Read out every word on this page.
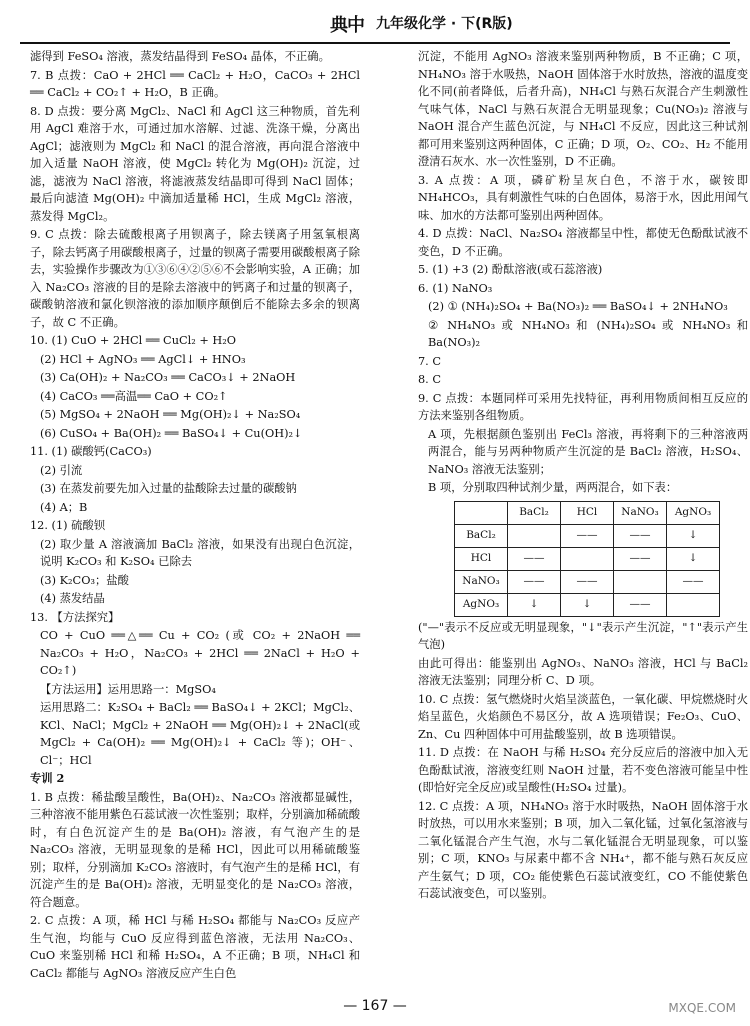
典中 九年级化学 · 下(R版)

滤得到 FeSO₄ 溶液，蒸发结晶得到 FeSO₄ 晶体，不正确。

7. B 点拨：CaO + 2HCl ══ CaCl₂ + H₂O，CaCO₃ + 2HCl ══ CaCl₂ + CO₂↑ + H₂O，B 正确。

8. D 点拨：要分离 MgCl₂、NaCl 和 AgCl 这三种物质，首先利用 AgCl 难溶于水，可通过加水溶解、过滤、洗涤干燥，分离出 AgCl；滤液则为 MgCl₂ 和 NaCl 的混合溶液，再向混合溶液中加入适量 NaOH 溶液，使 MgCl₂ 转化为 Mg(OH)₂ 沉淀，过滤，滤液为 NaCl 溶液，将滤液蒸发结晶即可得到 NaCl 固体；最后向滤渣 Mg(OH)₂ 中滴加适量稀 HCl，生成 MgCl₂ 溶液，蒸发得 MgCl₂。

9. C 点拨：除去硫酸根离子用钡离子，除去镁离子用氢氧根离子，除去钙离子用碳酸根离子，过量的钡离子需要用碳酸根离子除去，实验操作步骤改为①③⑥④②⑤⑥不会影响实验，A 正确；加入 Na₂CO₃ 溶液的目的是除去溶液中的钙离子和过量的钡离子，碳酸钠溶液和氯化钡溶液的添加顺序颠倒后不能除去多余的钡离子，故 C 不正确。

10. (1) CuO + 2HCl ══ CuCl₂ + H₂O

(2) HCl + AgNO₃ ══ AgCl↓ + HNO₃

(3) Ca(OH)₂ + Na₂CO₃ ══ CaCO₃↓ + 2NaOH

(4) CaCO₃ ══高温══ CaO + CO₂↑

(5) MgSO₄ + 2NaOH ══ Mg(OH)₂↓ + Na₂SO₄

(6) CuSO₄ + Ba(OH)₂ ══ BaSO₄↓ + Cu(OH)₂↓

11. (1) 碳酸钙(CaCO₃)

(2) 引流

(3) 在蒸发前要先加入过量的盐酸除去过量的碳酸钠

(4) A；B

12. (1) 硫酸钡

(2) 取少量 A 溶液滴加 BaCl₂ 溶液，如果没有出现白色沉淀，说明 K₂CO₃ 和 K₂SO₄ 已除去

(3) K₂CO₃；盐酸

(4) 蒸发结晶

13. 【方法探究】

CO + CuO ══△══ Cu + CO₂ (或 CO₂ + 2NaOH ══ Na₂CO₃ + H₂O，Na₂CO₃ + 2HCl ══ 2NaCl + H₂O + CO₂↑)

【方法运用】运用思路一：MgSO₄

运用思路二：K₂SO₄ + BaCl₂ ══ BaSO₄↓ + 2KCl；MgCl₂、KCl、NaCl；MgCl₂ + 2NaOH ══ Mg(OH)₂↓ + 2NaCl(或 MgCl₂ + Ca(OH)₂ ══ Mg(OH)₂↓ + CaCl₂ 等)；OH⁻、Cl⁻；HCl

专训 2

1. B 点拨：稀盐酸呈酸性，Ba(OH)₂、Na₂CO₃ 溶液都显碱性，三种溶液不能用紫色石蕊试液一次性鉴别；取样，分别滴加稀硫酸时，有白色沉淀产生的是 Ba(OH)₂ 溶液，有气泡产生的是 Na₂CO₃ 溶液，无明显现象的是稀 HCl，因此可以用稀硫酸鉴别；取样，分别滴加 K₂CO₃ 溶液时，有气泡产生的是稀 HCl，有沉淀产生的是 Ba(OH)₂ 溶液，无明显变化的是 Na₂CO₃ 溶液，符合题意。

2. C 点拨：A 项，稀 HCl 与稀 H₂SO₄ 都能与 Na₂CO₃ 反应产生气泡，均能与 CuO 反应得到蓝色溶液，无法用 Na₂CO₃、CuO 来鉴别稀 HCl 和稀 H₂SO₄，A 不正确；B 项，NH₄Cl 和 CaCl₂ 都能与 AgNO₃ 溶液反应产生白色

沉淀，不能用 AgNO₃ 溶液来鉴别两种物质，B 不正确；C 项，NH₄NO₃ 溶于水吸热，NaOH 固体溶于水时放热，溶液的温度变化不同(前者降低，后者升高)，NH₄Cl 与熟石灰混合产生刺激性气味气体，NaCl 与熟石灰混合无明显现象；Cu(NO₃)₂ 溶液与 NaOH 混合产生蓝色沉淀，与 NH₄Cl 不反应，因此这三种试剂都可用来鉴别这两种固体，C 正确；D 项，O₂、CO₂、H₂ 不能用澄清石灰水、水一次性鉴别，D 不正确。

3. A 点拨：A 项，磷矿粉呈灰白色，不溶于水，碳铵即 NH₄HCO₃，具有刺激性气味的白色固体，易溶于水，因此用闻气味、加水的方法都可鉴别出两种固体。

4. D 点拨：NaCl、Na₂SO₄ 溶液都呈中性，都使无色酚酞试液不变色，D 不正确。

5. (1) +3 (2) 酚酞溶液(或石蕊溶液)

6. (1) NaNO₃

(2) ① (NH₄)₂SO₄ + Ba(NO₃)₂ ══ BaSO₄↓ + 2NH₄NO₃

② NH₄NO₃ 或 NH₄NO₃ 和 (NH₄)₂SO₄ 或 NH₄NO₃ 和 Ba(NO₃)₂

7. C

8. C

9. C 点拨：本题同样可采用先找特征，再利用物质间相互反应的方法来鉴别各组物质。

A 项，先根据颜色鉴别出 FeCl₃ 溶液，再将剩下的三种溶液两两混合，能与另两种物质产生沉淀的是 BaCl₂ 溶液，H₂SO₄、NaNO₃ 溶液无法鉴别；

B 项，分别取四种试剂少量，两两混合，如下表：

	BaCl₂	HCl	NaNO₃	AgNO₃
BaCl₂		——	——	↓
HCl	——		——	↓
NaNO₃	——	——		——
AgNO₃	↓	↓	——	

("—"表示不反应或无明显现象，"↓"表示产生沉淀，"↑"表示产生气泡)

由此可得出：能鉴别出 AgNO₃、NaNO₃ 溶液，HCl 与 BaCl₂ 溶液无法鉴别；同理分析 C、D 项。

10. C 点拨：氢气燃烧时火焰呈淡蓝色，一氧化碳、甲烷燃烧时火焰呈蓝色，火焰颜色不易区分，故 A 选项错误；Fe₂O₃、CuO、Zn、Cu 四种固体中可用盐酸鉴别，故 B 选项错误。

11. D 点拨：在 NaOH 与稀 H₂SO₄ 充分反应后的溶液中加入无色酚酞试液，溶液变红则 NaOH 过量，若不变色溶液可能呈中性(即恰好完全反应)或呈酸性(H₂SO₄ 过量)。

12. C 点拨：A 项，NH₄NO₃ 溶于水时吸热，NaOH 固体溶于水时放热，可以用水来鉴别；B 项，加入二氧化锰，过氧化氢溶液与二氧化锰混合产生气泡，水与二氧化锰混合无明显现象，可以鉴别；C 项，KNO₃ 与尿素中都不含 NH₄⁺，都不能与熟石灰反应产生氨气；D 项，CO₂ 能使紫色石蕊试液变红，CO 不能使紫色石蕊试液变色，可以鉴别。

— 167 —	MXQE.COM
